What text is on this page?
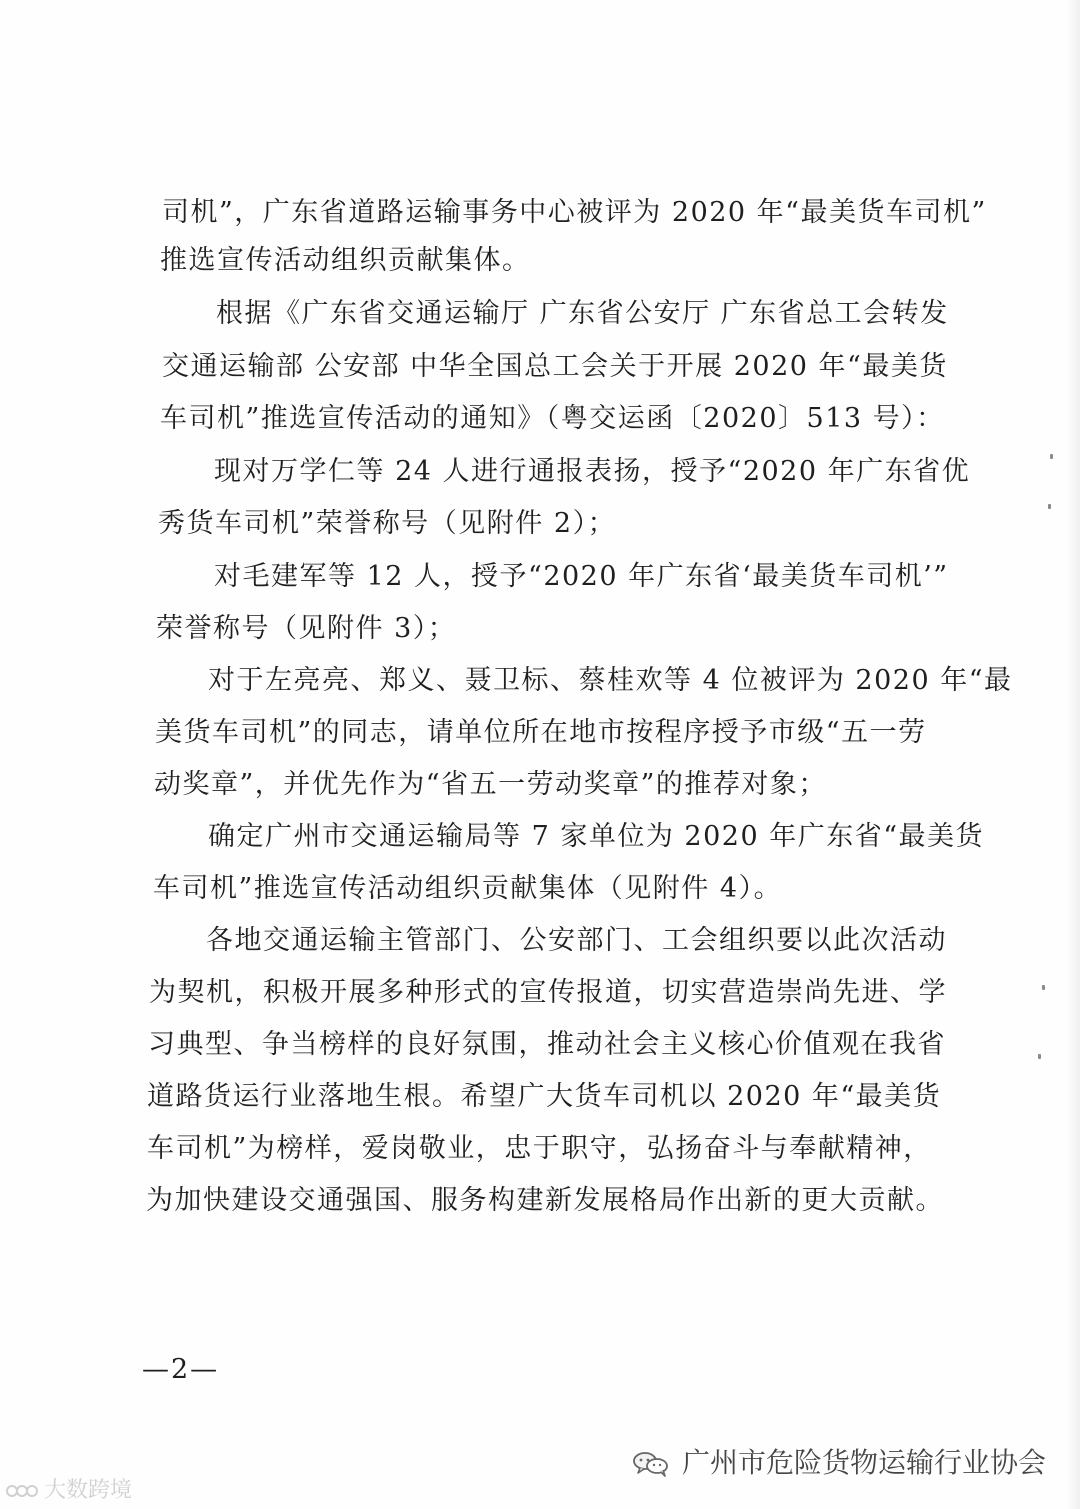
司机”，广东省道路运输事务中心被评为 2020 年“最美货车司机”
推选宣传活动组织贡献集体。
根据《广东省交通运输厅 广东省公安厅 广东省总工会转发
交通运输部 公安部 中华全国总工会关于开展 2020 年“最美货
车司机”推选宣传活动的通知》（粤交运函〔2020〕513 号）：
现对万学仁等 24 人进行通报表扬，授予“2020 年广东省优
秀货车司机”荣誉称号（见附件 2）；
对毛建军等 12 人，授予“2020 年广东省‘最美货车司机’”
荣誉称号（见附件 3）；
对于左亮亮、郑义、聂卫标、蔡桂欢等 4 位被评为 2020 年“最
美货车司机”的同志，请单位所在地市按程序授予市级“五一劳
动奖章”，并优先作为“省五一劳动奖章”的推荐对象；
确定广州市交通运输局等 7 家单位为 2020 年广东省“最美货
车司机”推选宣传活动组织贡献集体（见附件 4）。
各地交通运输主管部门、公安部门、工会组织要以此次活动
为契机，积极开展多种形式的宣传报道，切实营造崇尚先进、学
习典型、争当榜样的良好氛围，推动社会主义核心价值观在我省
道路货运行业落地生根。希望广大货车司机以 2020 年“最美货
车司机”为榜样，爱岗敬业，忠于职守，弘扬奋斗与奉献精神，
为加快建设交通强国、服务构建新发展格局作出新的更大贡献。
—2—
广州市危险货物运输行业协会
大数跨境
